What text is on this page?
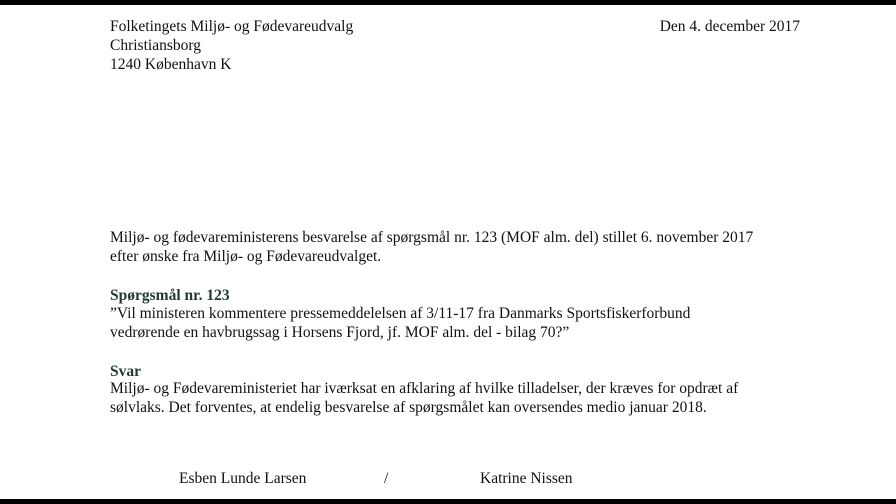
Folketingets Miljø- og Fødevareudvalg
Christiansborg
1240 København K
Den 4. december 2017
Miljø- og fødevareministerens besvarelse af spørgsmål nr. 123 (MOF alm. del) stillet 6. november 2017
efter ønske fra Miljø- og Fødevareudvalget.
Spørgsmål nr. 123
”Vil ministeren kommentere pressemeddelelsen af 3/11-17 fra Danmarks Sportsfiskerforbund
vedrørende en havbrugssag i Horsens Fjord, jf. MOF alm. del - bilag 70?”
Svar
Miljø- og Fødevareministeriet har iværksat en afklaring af hvilke tilladelser, der kræves for opdræt af
sølvlaks. Det forventes, at endelig besvarelse af spørgsmålet kan oversendes medio januar 2018.
Esben Lunde Larsen	/	Katrine Nissen
